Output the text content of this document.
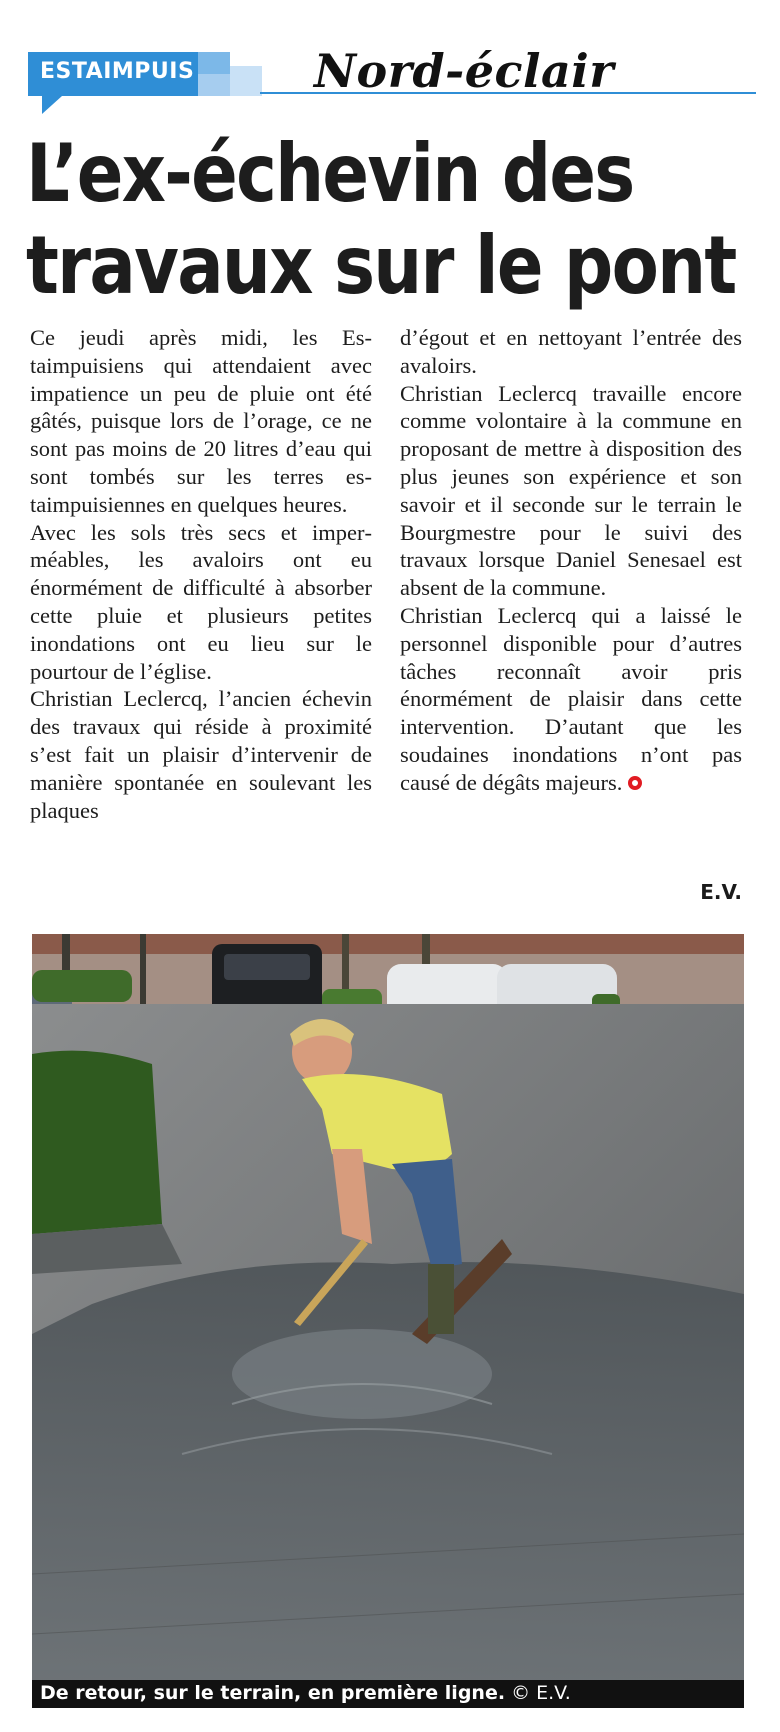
ESTAIMPUIS	Nord-éclair
L’ex-échevin des
travaux sur le pont

Ce jeudi après midi, les Estaimpuisiens qui attendaient avec impatience un peu de pluie ont été gâtés, puisque lors de l’orage, ce ne sont pas moins de 20 litres d’eau qui sont tombés sur les terres estaimpuisiennes en quelques heures.

Avec les sols très secs et imperméables, les avaloirs ont eu énormément de difficulté à absorber cette pluie et plusieurs petites inondations ont eu lieu sur le pourtour de l’église.

Christian Leclercq, l’ancien échevin des travaux qui réside à proximité s’est fait un plaisir d’intervenir de manière spontanée en soulevant les plaques

d’égout et en nettoyant l’entrée des avaloirs.

Christian Leclercq travaille encore comme volontaire à la commune en proposant de mettre à disposition des plus jeunes son expérience et son savoir et il seconde sur le terrain le Bourgmestre pour le suivi des travaux lorsque Daniel Senesael est absent de la commune.

Christian Leclercq qui a laissé le personnel disponible pour d’autres tâches reconnaît avoir pris énormément de plaisir dans cette intervention. D’autant que les soudaines inondations n’ont pas causé de dégâts majeurs.

E.V.
De retour, sur le terrain, en première ligne. © E.V.
